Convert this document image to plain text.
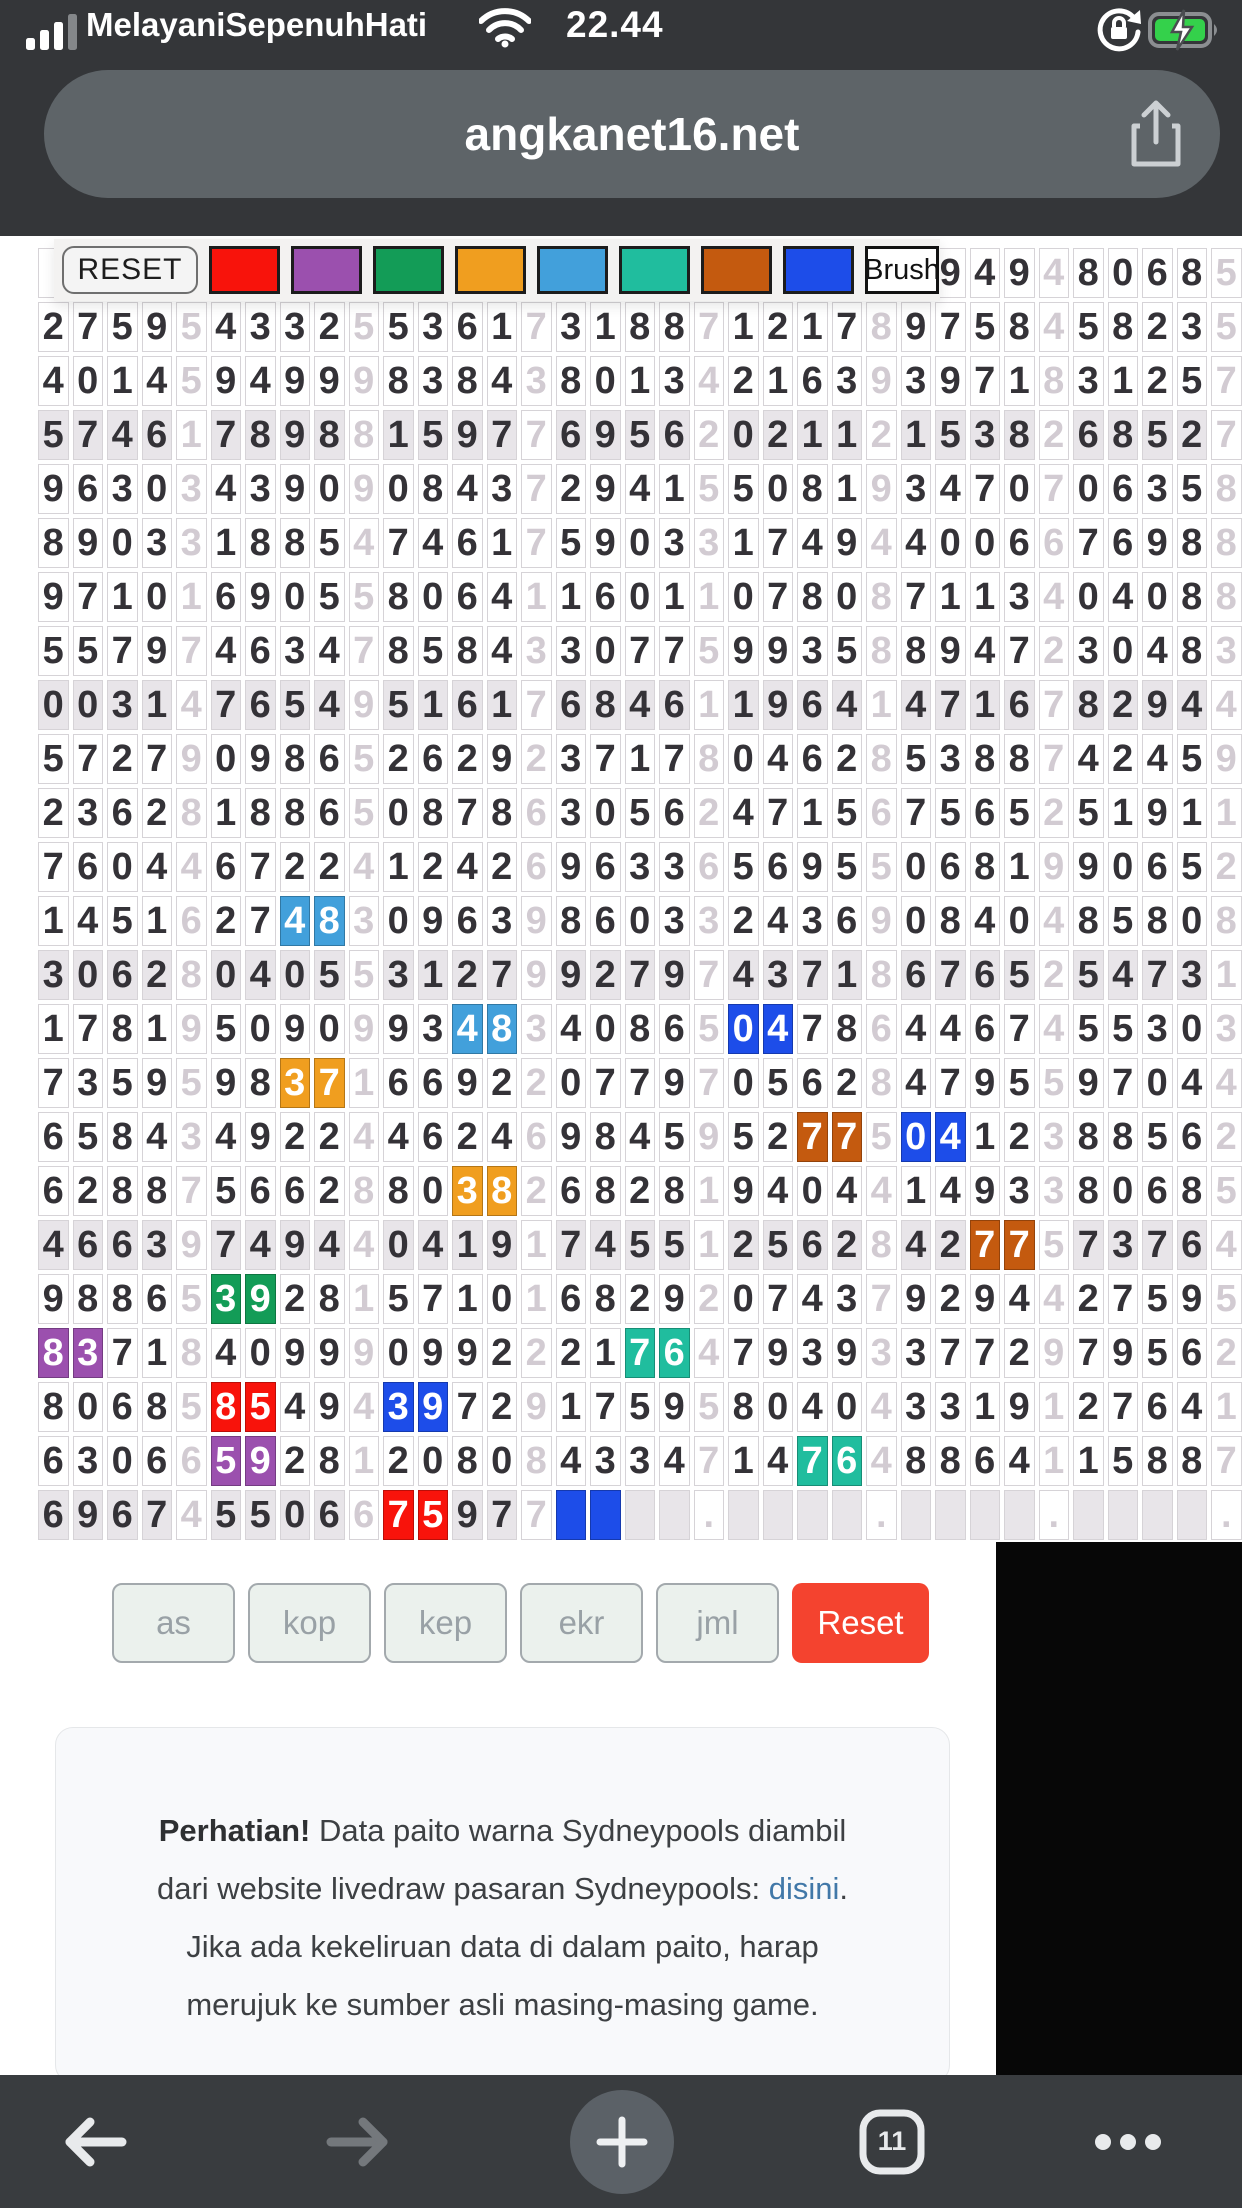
MelayaniSepenuhHati	22.44
angkanet16.net
9 4 9 4 8 0 6 8 5
2 7 5 9 5 4 3 3 2 5 5 3 6 1 7 3 1 8 8 7 1 2 1 7 8 9 7 5 8 4 5 8 2 3 5
4 0 1 4 5 9 4 9 9 9 8 3 8 4 3 8 0 1 3 4 2 1 6 3 9 3 9 7 1 8 3 1 2 5 7
5 7 4 6 1 7 8 9 8 8 1 5 9 7 7 6 9 5 6 2 0 2 1 1 2 1 5 3 8 2 6 8 5 2 7
9 6 3 0 3 4 3 9 0 9 0 8 4 3 7 2 9 4 1 5 5 0 8 1 9 3 4 7 0 7 0 6 3 5 8
8 9 0 3 3 1 8 8 5 4 7 4 6 1 7 5 9 0 3 3 1 7 4 9 4 4 0 0 6 6 7 6 9 8 8
9 7 1 0 1 6 9 0 5 5 8 0 6 4 1 1 6 0 1 1 0 7 8 0 8 7 1 1 3 4 0 4 0 8 8
5 5 7 9 7 4 6 3 4 7 8 5 8 4 3 3 0 7 7 5 9 9 3 5 8 8 9 4 7 2 3 0 4 8 3
0 0 3 1 4 7 6 5 4 9 5 1 6 1 7 6 8 4 6 1 1 9 6 4 1 4 7 1 6 7 8 2 9 4 4
5 7 2 7 9 0 9 8 6 5 2 6 2 9 2 3 7 1 7 8 0 4 6 2 8 5 3 8 8 7 4 2 4 5 9
2 3 6 2 8 1 8 8 6 5 0 8 7 8 6 3 0 5 6 2 4 7 1 5 6 7 5 6 5 2 5 1 9 1 1
7 6 0 4 4 6 7 2 2 4 1 2 4 2 6 9 6 3 3 6 5 6 9 5 5 0 6 8 1 9 9 0 6 5 2
1 4 5 1 6 2 7 4 8 3 0 9 6 3 9 8 6 0 3 3 2 4 3 6 9 0 8 4 0 4 8 5 8 0 8
3 0 6 2 8 0 4 0 5 5 3 1 2 7 9 9 2 7 9 7 4 3 7 1 8 6 7 6 5 2 5 4 7 3 1
1 7 8 1 9 5 0 9 0 9 9 3 4 8 3 4 0 8 6 5 0 4 7 8 6 4 4 6 7 4 5 5 3 0 3
7 3 5 9 5 9 8 3 7 1 6 6 9 2 2 0 7 7 9 7 0 5 6 2 8 4 7 9 5 5 9 7 0 4 4
6 5 8 4 3 4 9 2 2 4 4 6 2 4 6 9 8 4 5 9 5 2 7 7 5 0 4 1 2 3 8 8 5 6 2
6 2 8 8 7 5 6 6 2 8 8 0 3 8 2 6 8 2 8 1 9 4 0 4 4 1 4 9 3 3 8 0 6 8 5
4 6 6 3 9 7 4 9 4 4 0 4 1 9 1 7 4 5 5 1 2 5 6 2 8 4 2 7 7 5 7 3 7 6 4
9 8 8 6 5 3 9 2 8 1 5 7 1 0 1 6 8 2 9 2 0 7 4 3 7 9 2 9 4 4 2 7 5 9 5
8 3 7 1 8 4 0 9 9 9 0 9 9 2 2 2 1 7 6 4 7 9 3 9 3 3 7 7 2 9 7 9 5 6 2
8 0 6 8 5 8 5 4 9 4 3 9 7 2 9 1 7 5 9 5 8 0 4 0 4 3 3 1 9 1 2 7 6 4 1
6 3 0 6 6 5 9 2 8 1 2 0 8 0 8 4 3 3 4 7 1 4 7 6 4 8 8 6 4 1 1 5 8 8 7
6 9 6 7 4 5 5 0 6 6 7 5 9 7 7	.	.	.	.
RESET	Brush
as	kop	kep	ekr	jml	Reset
Perhatian! Data paito warna Sydneypools diambil dari website livedraw pasaran Sydneypools: disini. Jika ada kekeliruan data di dalam paito, harap merujuk ke sumber asli masing-masing game.
11
